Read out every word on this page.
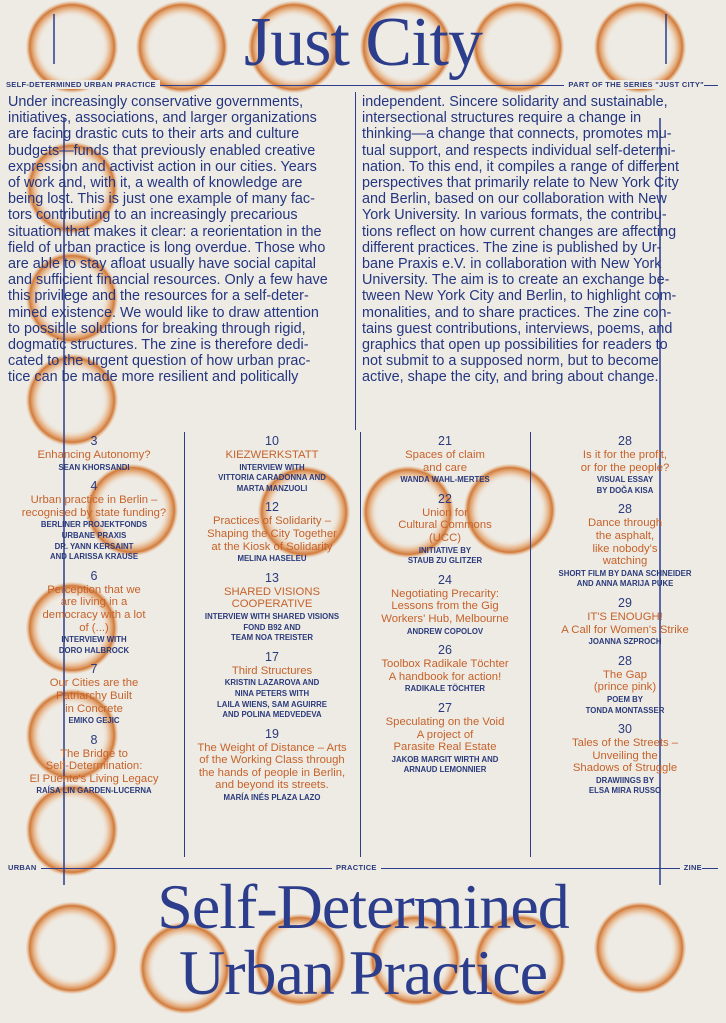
Just City
SELF-DETERMINED URBAN PRACTICE	PART OF THE SERIES "JUST CITY"
Under increasingly conservative governments,
initiatives, associations, and larger organizations
are facing drastic cuts to their arts and culture
budgets—funds that previously enabled creative
expression and activist action in our cities. Years
of work and, with it, a wealth of knowledge are
being lost. This is just one example of many fac-
tors contributing to an increasingly precarious
situation that makes it clear: a reorientation in the
field of urban practice is long overdue. Those who
are able to stay afloat usually have social capital
and sufficient financial resources. Only a few have
this privilege and the resources for a self-deter-
mined existence. We would like to draw attention
to possible solutions for breaking through rigid,
dogmatic structures. The zine is therefore dedi-
cated to the urgent question of how urban prac-
tice can be made more resilient and politically
independent. Sincere solidarity and sustainable,
intersectional structures require a change in
thinking—a change that connects, promotes mu-
tual support, and respects individual self-determi-
nation. To this end, it compiles a range of different
perspectives that primarily relate to New York City
and Berlin, based on our collaboration with New
York University. In various formats, the contribu-
tions reflect on how current changes are affecting
different practices. The zine is published by Ur-
bane Praxis e.V. in collaboration with New York
University. The aim is to create an exchange be-
tween New York City and Berlin, to highlight com-
monalities, and to share practices. The zine con-
tains guest contributions, interviews, poems, and
graphics that open up possibilities for readers to
not submit to a supposed norm, but to become
active, shape the city, and bring about change.
3
Enhancing Autonomy?
SEAN KHORSANDI
4
Urban practice in Berlin –
recognised by state funding?
BERLINER PROJEKTFONDS
URBANE PRAXIS
DR. YANN KERSAINT
AND LARISSA KRAUSE
6
Perception that we
are living in a
democracy with a lot
of (...)
INTERVIEW WITH
DORO HALBROCK
7
Our Cities are the
Patriarchy Built
in Concrete
EMIKO GEJIC
8
The Bridge to
Self-Determination:
El Puente's Living Legacy
RAÍSA LIN GARDEN-LUCERNA
10
KIEZWERKSTATT
INTERVIEW WITH
VITTORIA CARADONNA AND
MARTA MANZUOLI
12
Practices of Solidarity –
Shaping the City Together
at the Kiosk of Solidarity
MELINA HASELEU
13
SHARED VISIONS
COOPERATIVE
INTERVIEW WITH SHARED VISIONS
FOND B92 AND
TEAM NOA TREISTER
17
Third Structures
KRISTIN LAZAROVA AND
NINA PETERS WITH
LAILA WIENS, SAM AGUIRRE
AND POLINA MEDVEDEVA
19
The Weight of Distance – Arts
of the Working Class through
the hands of people in Berlin,
and beyond its streets.
MARÍA INÉS PLAZA LAZO
21
Spaces of claim
and care
WANDA WAHL-MERTES
22
Union for
Cultural Commons
(UCC)
INITIATIVE BY
STAUB ZU GLITZER
24
Negotiating Precarity:
Lessons from the Gig
Workers' Hub, Melbourne
ANDREW COPOLOV
26
Toolbox Radikale Töchter
A handbook for action!
RADIKALE TÖCHTER
27
Speculating on the Void
A project of
Parasite Real Estate
JAKOB MARGIT WIRTH AND
ARNAUD LEMONNIER
28
Is it for the profit,
or for the people?
VISUAL ESSAY
BY DOĞA KISA
28
Dance through
the asphalt,
like nobody's
watching
SHORT FILM BY DANA SCHNEIDER
AND ANNA MARIJA PUKE
29
IT'S ENOUGH!
A Call for Women's Strike
JOANNA SZPROCH
28
The Gap
(prince pink)
POEM BY
TONDA MONTASSER
30
Tales of the Streets –
Unveiling the
Shadows of Struggle
DRAWIINGS BY
ELSA MIRA RUSSO
URBAN	PRACTICE	ZINE
Self-Determined
Urban Practice
